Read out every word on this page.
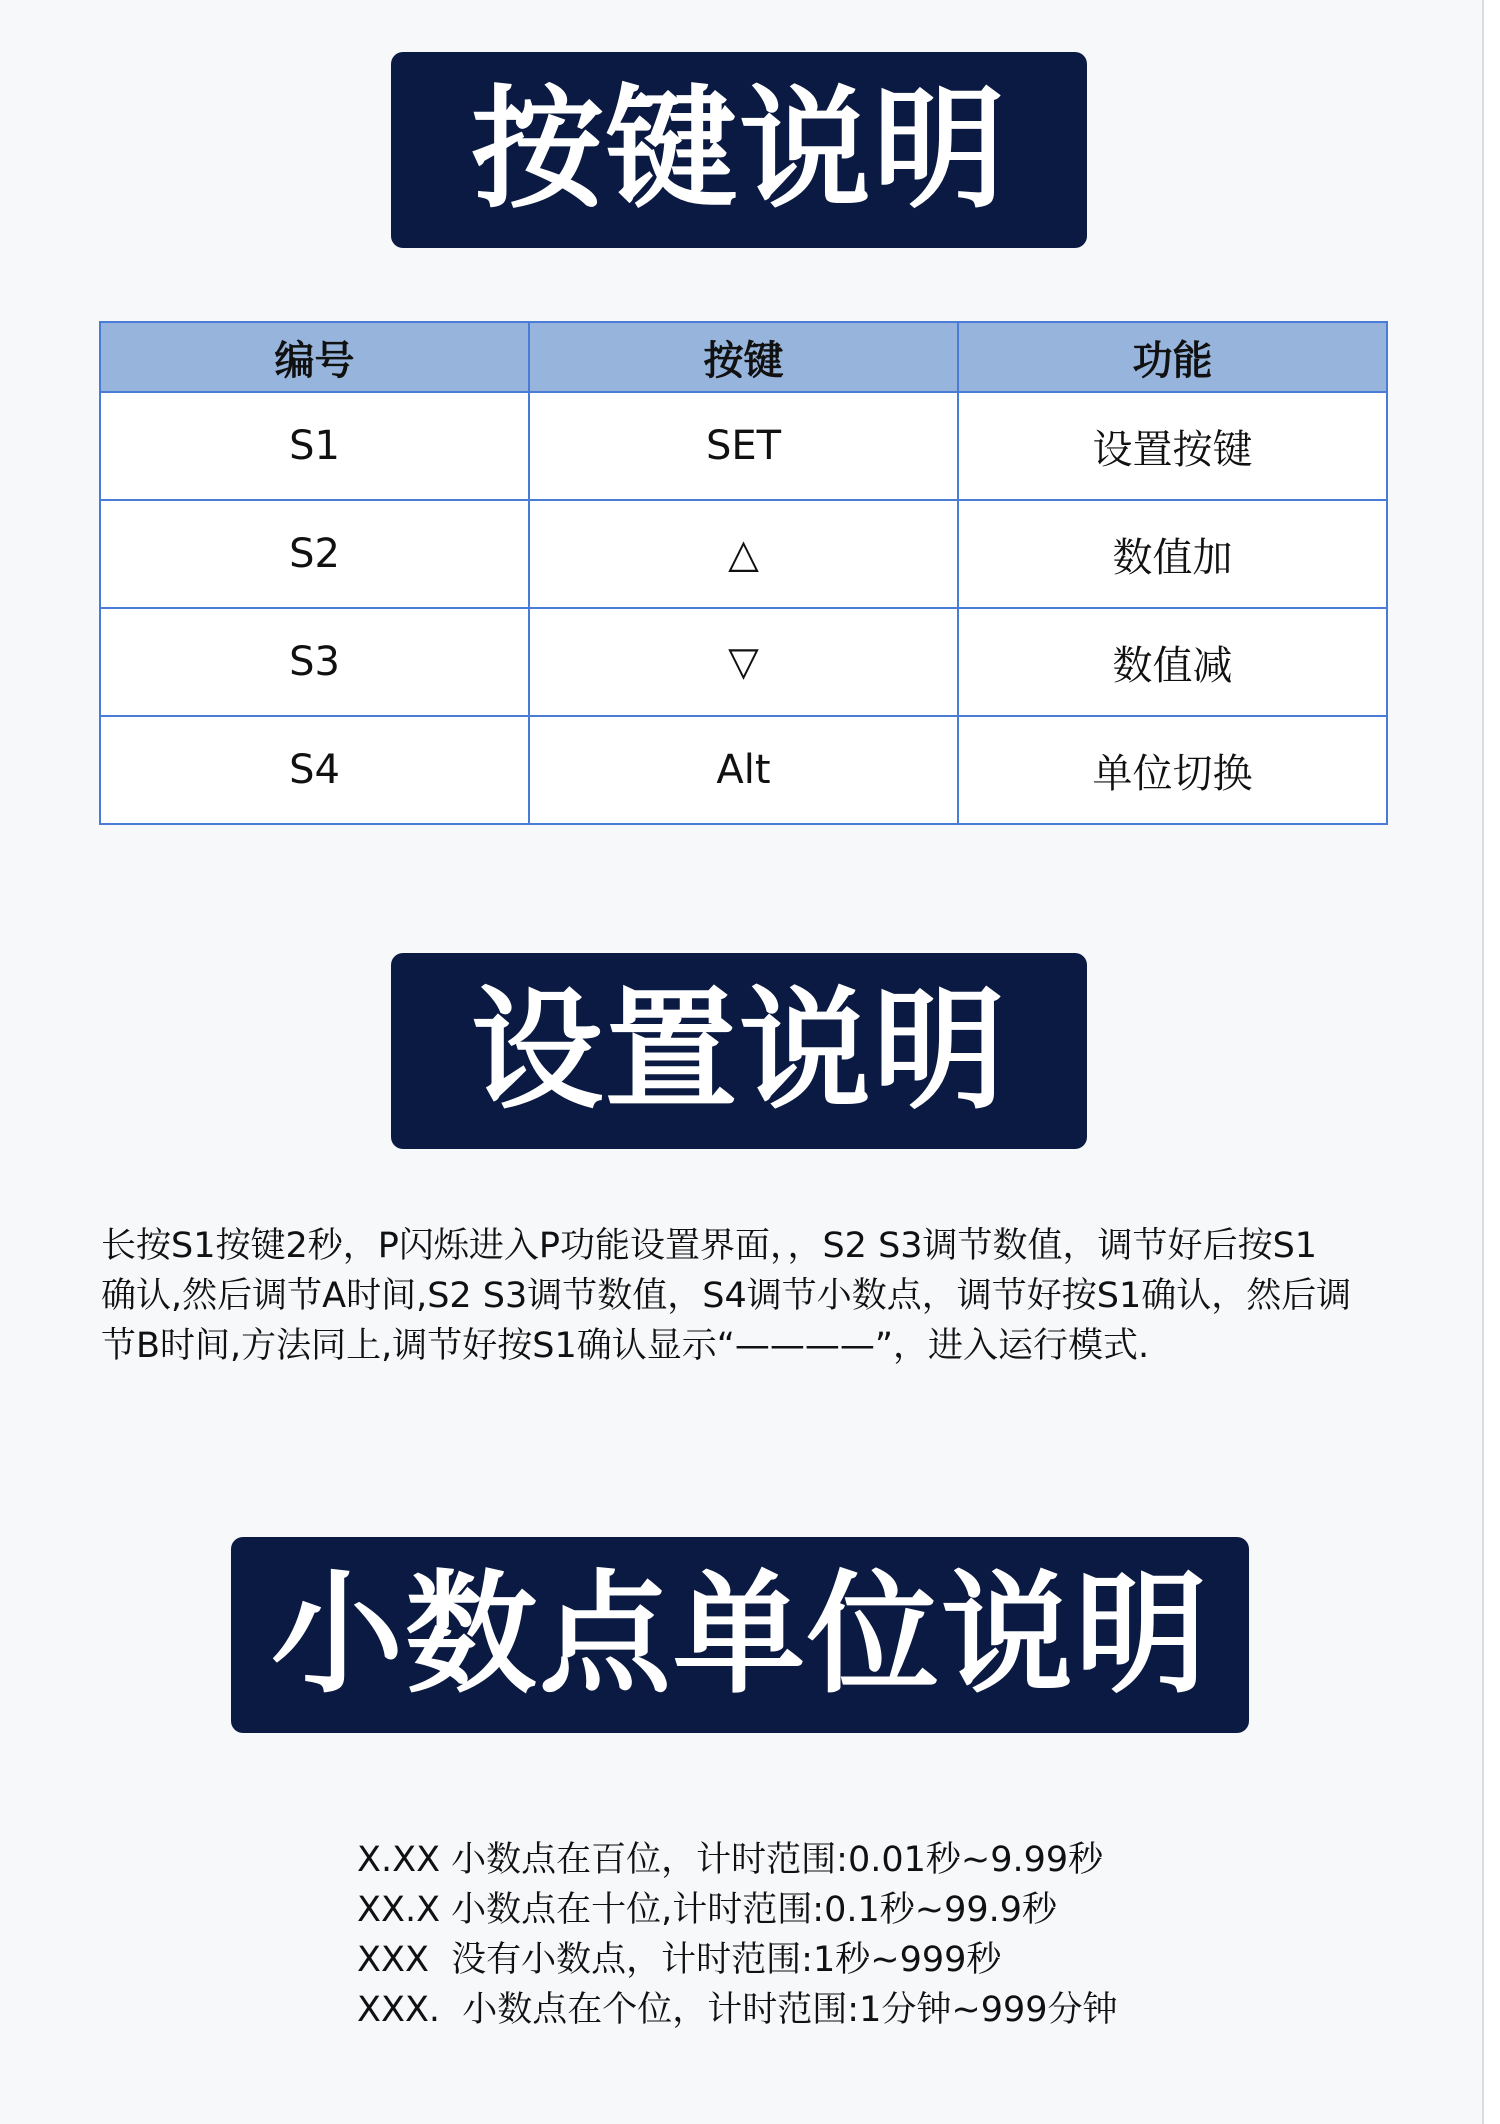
按键说明
编号	按键	功能
S1	SET	设置按键
S2	△	数值加
S3	▽	数值减
S4	Alt	单位切换
设置说明
长按S1按键2秒，P闪烁进入P功能设置界面，，S2 S3调节数值，调节好后按S1
确认,然后调节A时间,S2 S3调节数值，S4调节小数点，调节好按S1确认，然后调
节B时间,方法同上,调节好按S1确认显示“————”，进入运行模式.
小数点单位说明
X.XX 小数点在百位，计时范围:0.01秒~9.99秒
XX.X 小数点在十位,计时范围:0.1秒~99.9秒
XXX  没有小数点，计时范围:1秒~999秒
XXX.  小数点在个位，计时范围:1分钟~999分钟
